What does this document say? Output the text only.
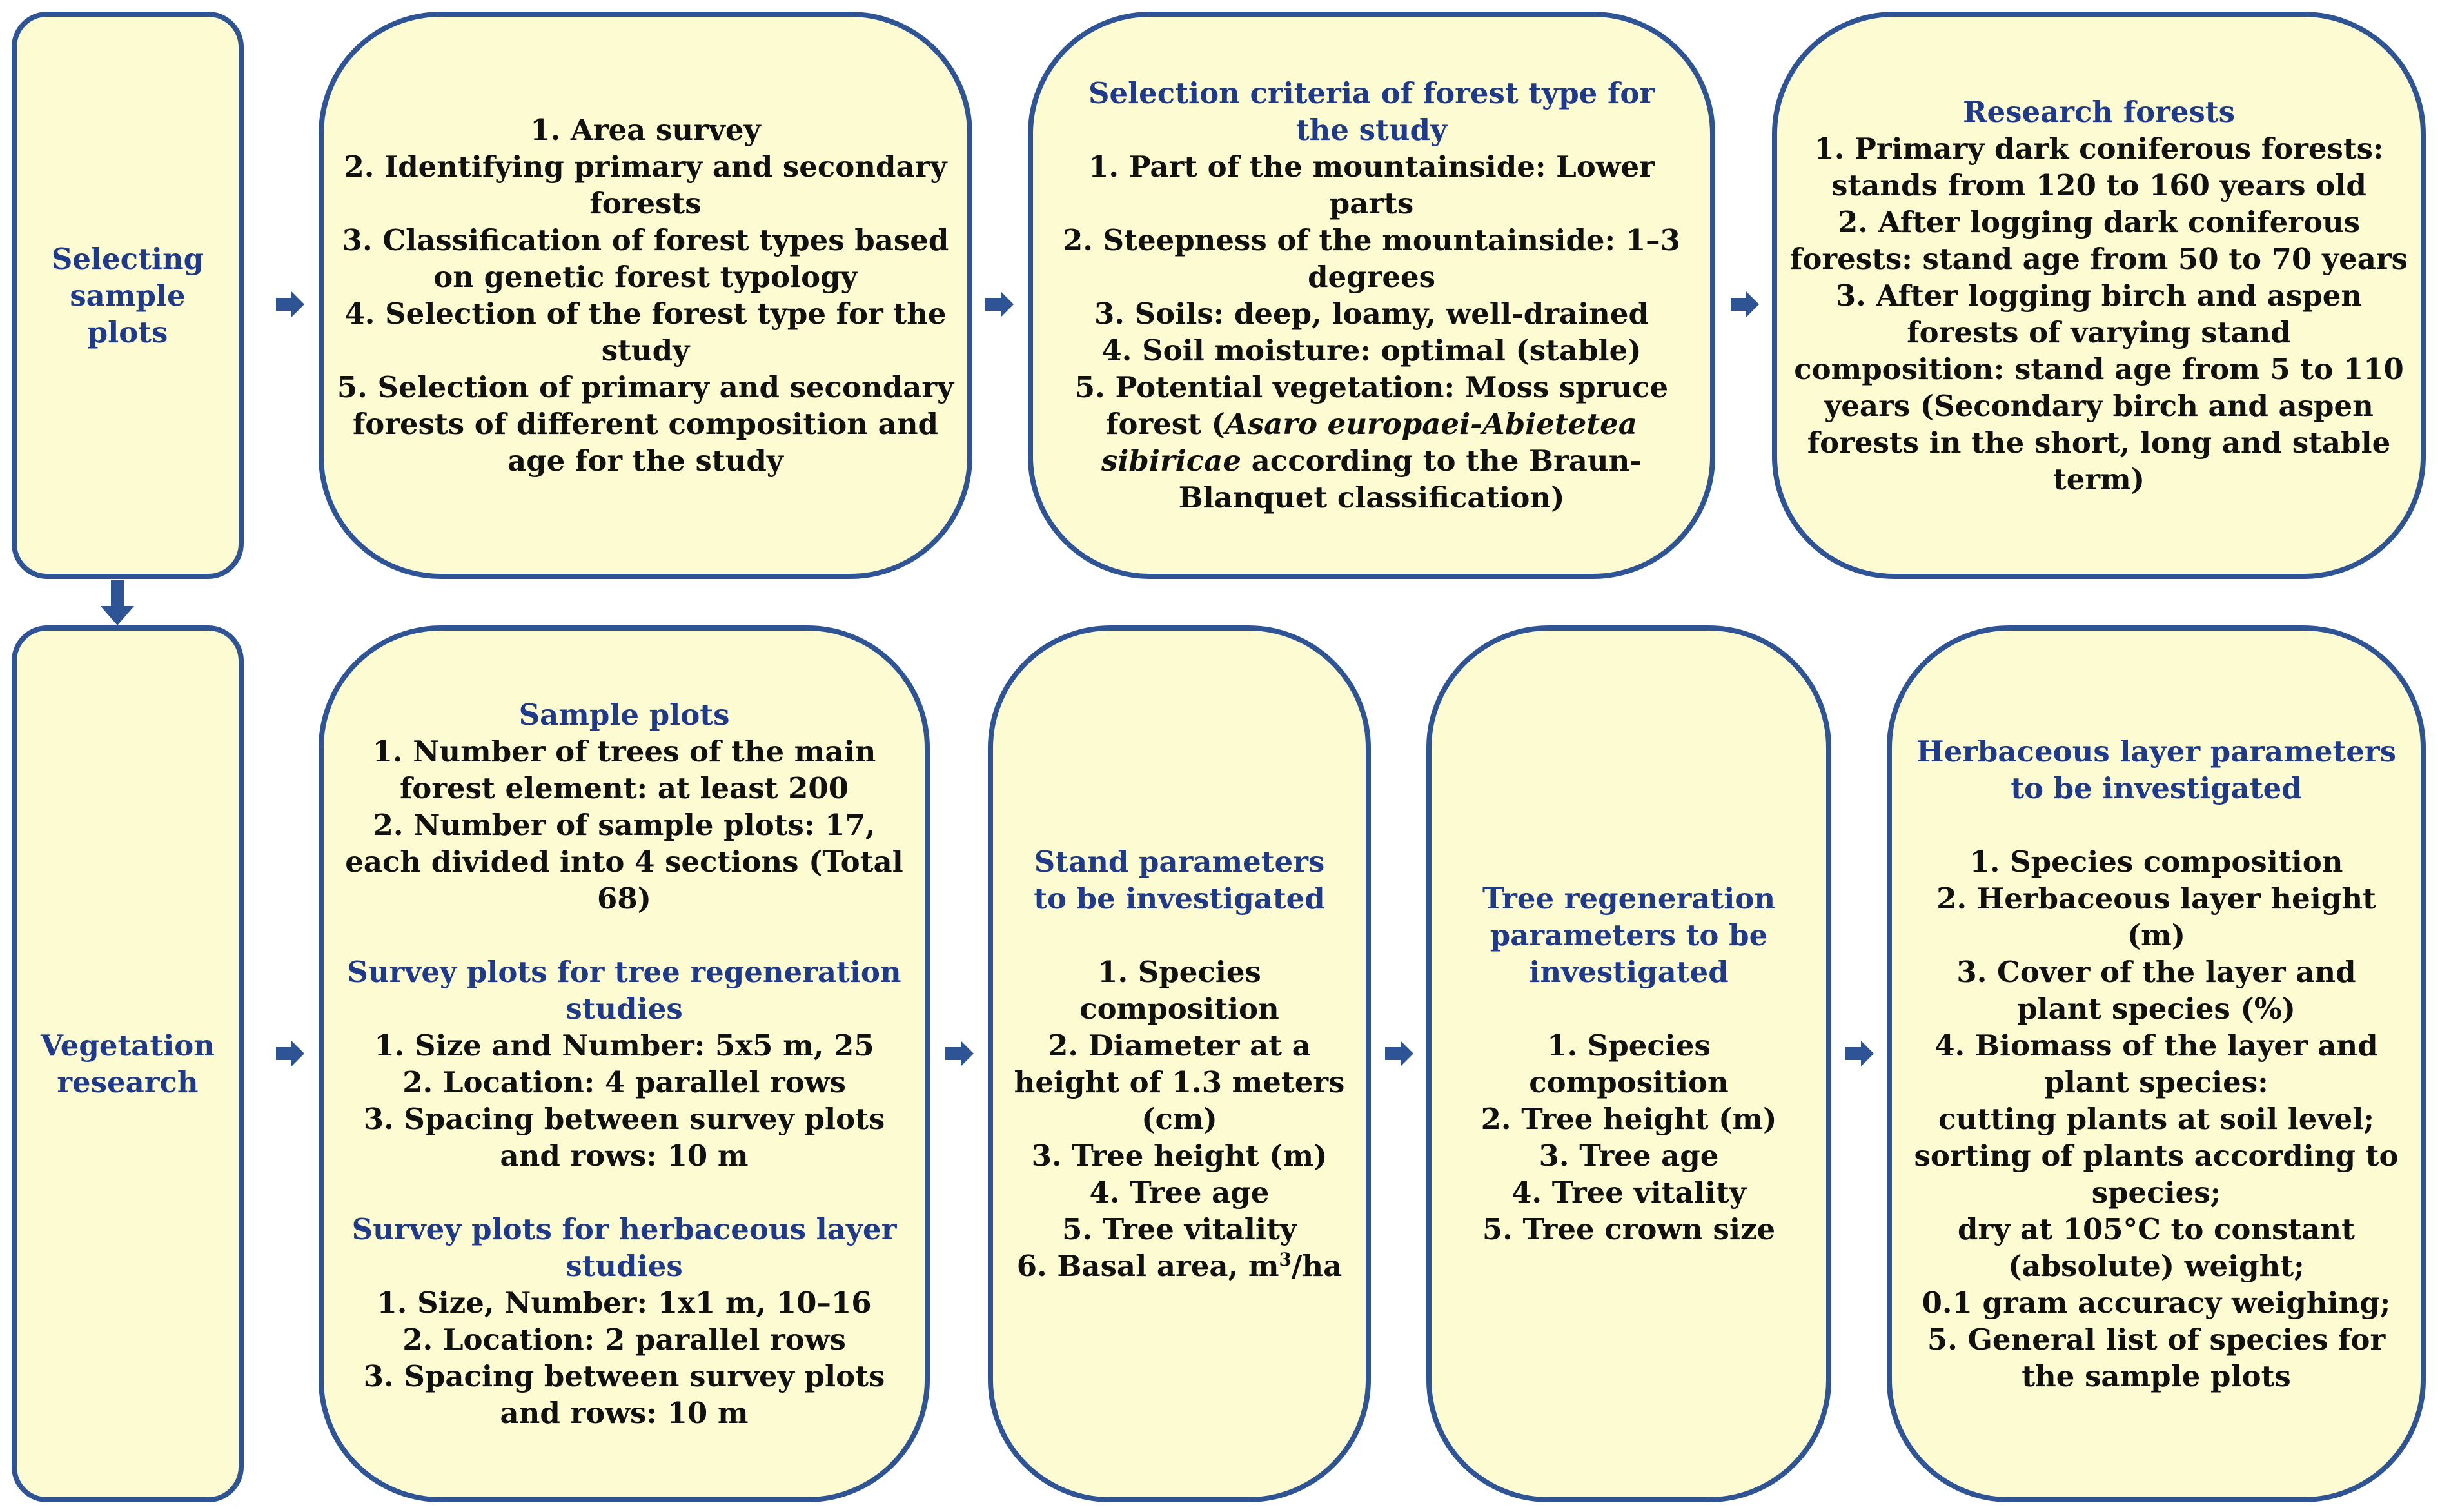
Selecting
sample
plots
1. Area survey
2. Identifying primary and secondary
forests
3. Classification of forest types based
on genetic forest typology
4. Selection of the forest type for the
study
5. Selection of primary and secondary
forests of different composition and
age for the study
Selection criteria of forest type for
the study
1. Part of the mountainside: Lower
parts
2. Steepness of the mountainside: 1–3
degrees
3. Soils: deep, loamy, well-drained
4. Soil moisture: optimal (stable)
5. Potential vegetation: Moss spruce
forest (Asaro europaei-Abietetea
sibiricae according to the Braun-
Blanquet classification)
Research forests
1. Primary dark coniferous forests:
stands from 120 to 160 years old
2. After logging dark coniferous
forests: stand age from 50 to 70 years
3. After logging birch and aspen
forests of varying stand
composition: stand age from 5 to 110
years (Secondary birch and aspen
forests in the short, long and stable
term)
Vegetation
research
Sample plots
1. Number of trees of the main
forest element: at least 200
2. Number of sample plots: 17,
each divided into 4 sections (Total
68)
Survey plots for tree regeneration
studies
1. Size and Number: 5x5 m, 25
2. Location: 4 parallel rows
3. Spacing between survey plots
and rows: 10 m
Survey plots for herbaceous layer
studies
1. Size, Number: 1x1 m, 10–16
2. Location: 2 parallel rows
3. Spacing between survey plots
and rows: 10 m
Stand parameters
to be investigated
1. Species
composition
2. Diameter at a
height of 1.3 meters
(cm)
3. Tree height (m)
4. Tree age
5. Tree vitality
6. Basal area, $m^3/ha$
Tree regeneration
parameters to be
investigated
1. Species
composition
2. Tree height (m)
3. Tree age
4. Tree vitality
5. Tree crown size
Herbaceous layer parameters
to be investigated
1. Species composition
2. Herbaceous layer height
(m)
3. Cover of the layer and
plant species (%)
4. Biomass of the layer and
plant species:
cutting plants at soil level;
sorting of plants according to
species;
dry at 105°C to constant
(absolute) weight;
0.1 gram accuracy weighing;
5. General list of species for
the sample plots
